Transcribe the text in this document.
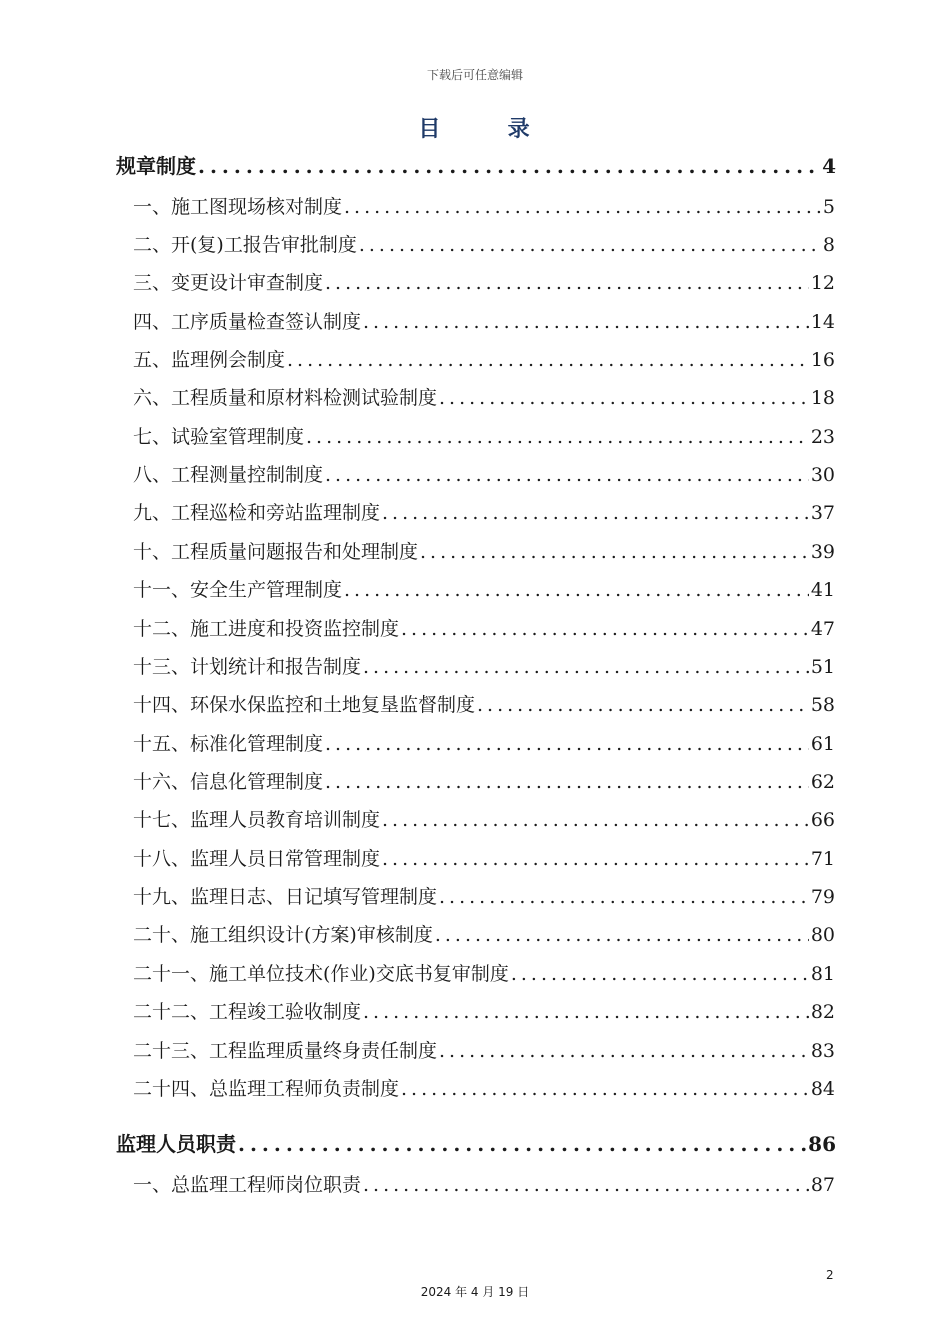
下载后可任意编辑
目	录
规章制度 .....	4
一、施工图现场核对制度 .....	5
二、开(复)工报告审批制度 .....	8
三、变更设计审查制度 .....	12
四、工序质量检查签认制度 .....	14
五、监理例会制度 .....	16
六、工程质量和原材料检测试验制度 .....	18
七、试验室管理制度 .....	23
八、工程测量控制制度 .....	30
九、工程巡检和旁站监理制度 .....	37
十、工程质量问题报告和处理制度 .....	39
十一、安全生产管理制度 .....	41
十二、施工进度和投资监控制度 .....	47
十三、计划统计和报告制度 .....	51
十四、环保水保监控和土地复垦监督制度 .....	58
十五、标准化管理制度 .....	61
十六、信息化管理制度 .....	62
十七、监理人员教育培训制度 .....	66
十八、监理人员日常管理制度 .....	71
十九、监理日志、日记填写管理制度 .....	79
二十、施工组织设计(方案)审核制度 .....	80
二十一、施工单位技术(作业)交底书复审制度 .....	81
二十二、工程竣工验收制度 .....	82
二十三、工程监理质量终身责任制度 .....	83
二十四、总监理工程师负责制度 .....	84
监理人员职责 .....	86
一、总监理工程师岗位职责 .....	87
2
2024 年 4 月 19 日
